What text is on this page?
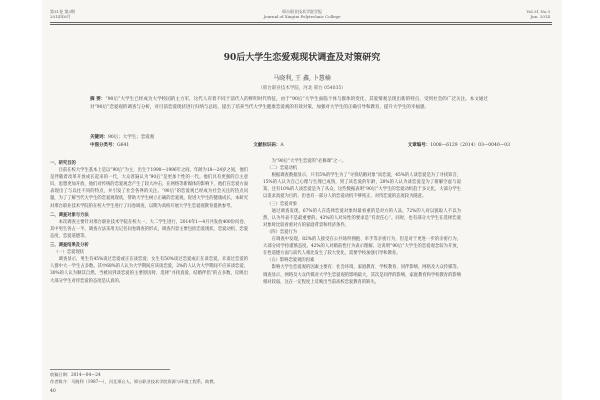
第31卷 第3期
2014年6月
邢台职业技术学院学报
Journal of Xingtai Polytechnic College
Vol.31 No.3
Jun. 2014
90后大学生恋爱观现状调查及对策研究
马晓利, 王 鑫, 卜慧楠
（邢台职业技术学院，河北 邢台 054035）
摘 要：“90后”大学生已经成为大学校园的主力军，这代人有着不同于前代人的鲜明时代特征，由于“90后”大学生面临个体与群体的变化，其爱情观呈现出新的特点，受到社会的广泛关注。本文通过对“90后”恋爱观的调查与分析，对目前恋爱现状进行归纳与总结，提出了培养当代大学生健康恋爱观的有效对策，加强对大学生的正确引导和教育，提升大学生的幸福感。
关键词：90后；大学生；恋爱观
中图分类号：G641	文献标识码：A	文章编号：1008—6129（2014）03—0040—03

一、研究目的

目前在校大学生基本上是以“90后”为主，出生于1990—1996年之间，年龄为18—24岁之间，他们是伴随着改革开放成长起来的一代，大众普遍认为“90后”是更加个性的一代。他们具有更强的自主意识，思想更加开放，他们对传统的恋爱观念产生了较大冲击，在网络等新媒体的影响下，他们在恋爱方面表现出了与以往不同的特点，并引发了社会各界的关注。“90后”的恋爱观已经成为社会关注的热点问题，为了了解当代大学生的恋爱观现状，帮助大学生树立正确的恋爱观，促进大学生的健康成长，本研究对邢台职业技术学院的在校大学生进行了问卷调查，以期为高校开展大学生恋爱观教育提供参考。

二、调查对象与方法

本次调查主要针对邢台职业技术学院在校大一、大二学生进行，2014年1—4月共发放400份问卷，其中男生各占一半。调查方法采用无记名问卷调查的形式，调查内容主要包括恋爱现状、恋爱动机、恋爱态度、恋爱道德等。

三、调查结果及分析

（一）恋爱现状

调查显示，男生有45%谈过恋爱或正在谈恋爱；女生有50%谈过恋爱或正在谈恋爱。未谈过恋爱的人群中大一学生占多数。其中68%的人认为大学期间应该谈恋爱，2%的人认为大学期间不应该谈恋爱，30%的人认为顺其自然。当被问到谈恋爱的主要原因时，选择“寻找真爱、结婚伴侣”的占多数，反映出大部分学生对待恋爱的态度是认真的。

为“90后”大学生恋爱的“必修课”之一。

（二）恋爱动机

根据调查数据显示，只有5%的学生为了“寻找结婚对象”而恋爱，45%的人谈恋爱是为了寻找知音，15%的人认为自己心理与生理已成熟，到了该恋爱的年龄，20%的人认为谈恋爱是为了排解空虚与寂寞，还有10%的人谈恋爱是为了从众，这些数据表明“90后”大学生的恋爱动机趋于多元化，大部分学生以追求真爱为目的，但也有一部分人的恋爱动机不够纯正，对待恋爱的态度较为随意。

（三）恋爱对象

通过调查发现，67%的人在选择恋爱对象时最看重的是对方的人品，72%的人对以貌取人不以为然，认为外表不是最重要的。43%的人对异性的要求是“有责任心”。同时，也有部分大学生在选择恋爱对象时比较看重对方的家庭背景和经济条件。

（四）恋爱行为

在调查中发现，82%的人接受在公共场所拥抱、牵手等亲密行为，但是对于更进一步的亲密行为，大部分同学持谨慎态度。42%的人对婚前性行为表示理解，这说明“90后”大学生的恋爱观念较为开放，在性道德方面与前代人相比发生了较大变化，需要学校加强引导和教育。

（五）影响恋爱观的因素

影响大学生恋爱观的因素主要有：社会环境、家庭教育、学校教育、同伴影响、网络及大众传媒等。调查显示，网络及大众传媒对大学生恋爱观的影响最大，其次是同伴的影响，家庭教育和学校教育的影响相对较弱，这在一定程度上反映出当前高校恋爱教育的缺失。

收稿日期：2014—04—24
作者简介：马晓利（1987—），河北邢台人，邢台职业技术学院资源与环境工程系，助教。
40
